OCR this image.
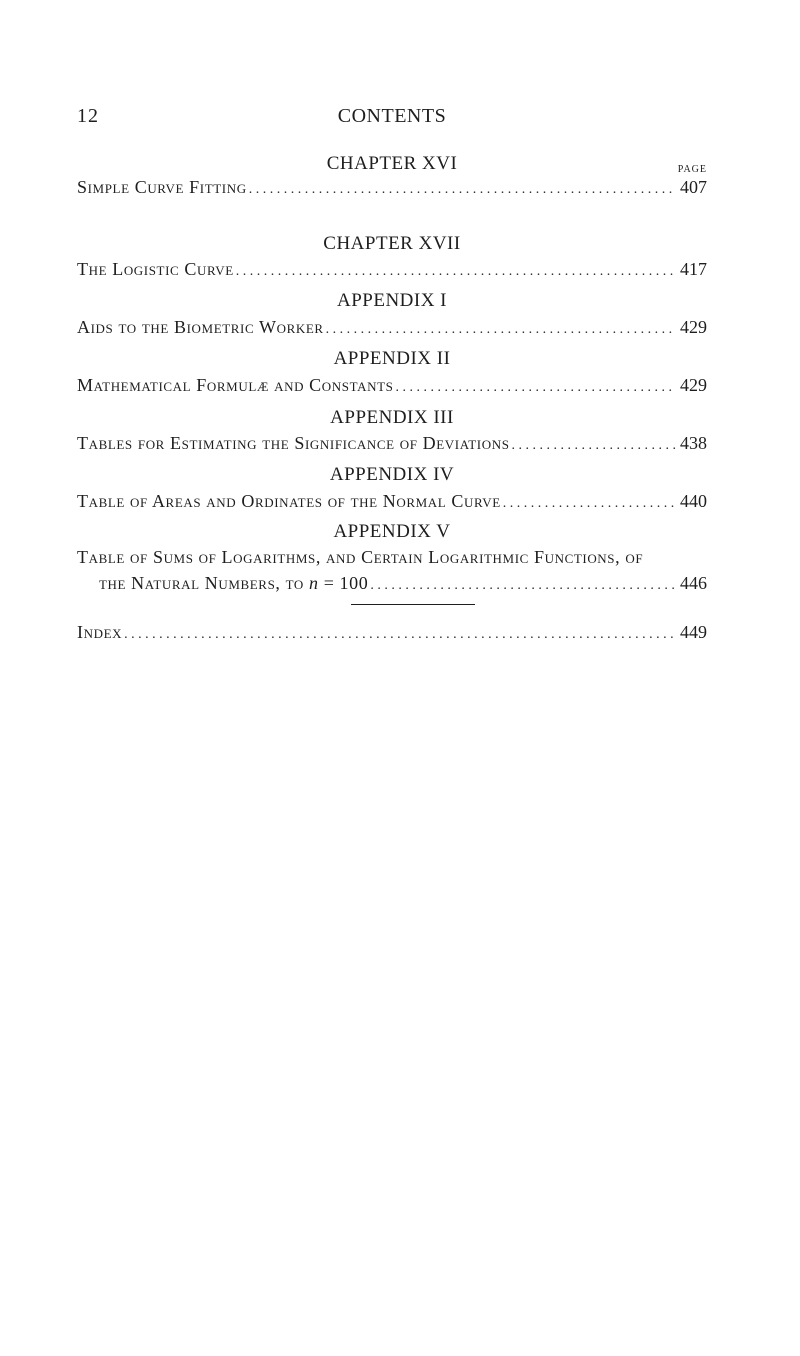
12	CONTENTS
PAGE
CHAPTER XVI
Simple Curve Fitting . . .	407
CHAPTER XVII
The Logistic Curve . . .	417
APPENDIX I
Aids to the Biometric Worker . . .	429
APPENDIX II
Mathematical Formulæ and Constants . . .	429
APPENDIX III
Tables for Estimating the Significance of Deviations . . .	438
APPENDIX IV
Table of Areas and Ordinates of the Normal Curve . . .	440
APPENDIX V
Table of Sums of Logarithms, and Certain Logarithmic Functions, of
the Natural Numbers, to n = 100 . . .	446
Index . . .	449
